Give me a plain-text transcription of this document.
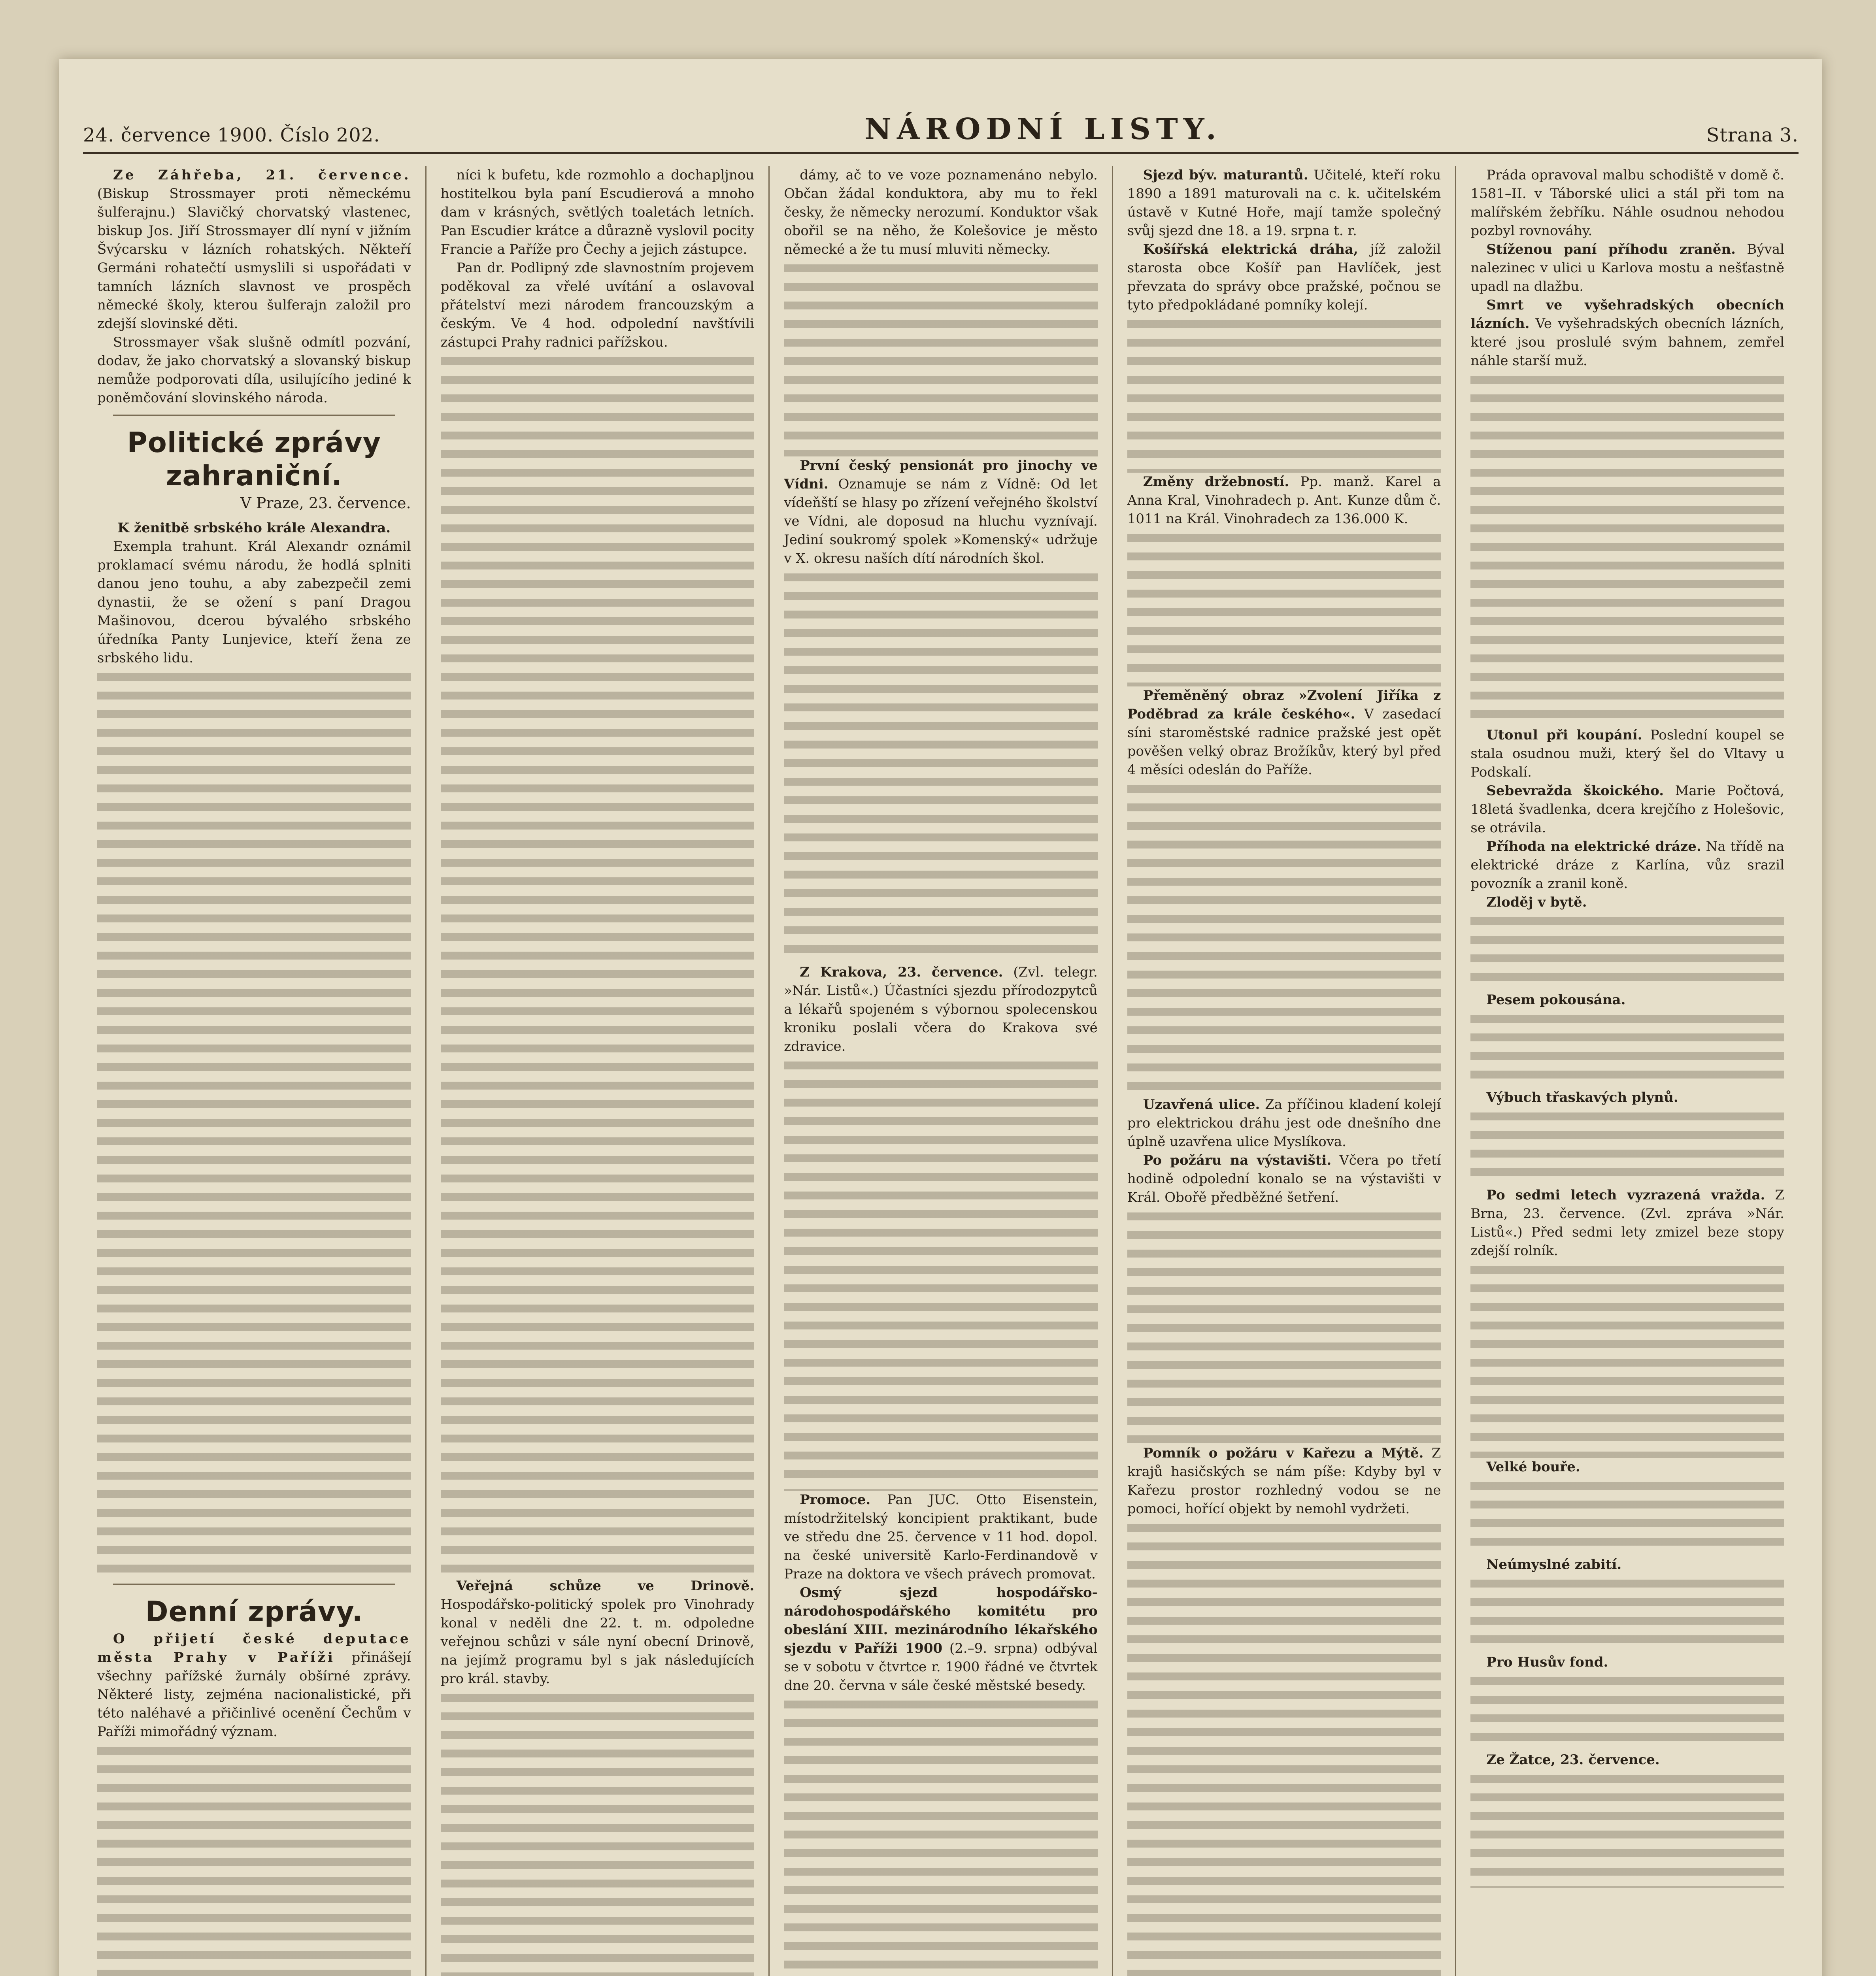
24. července 1900. Číslo 202.	NÁRODNÍ LISTY.	Strana 3.

Ze Záhřeba, 21. července. (Biskup Strossmayer proti německému šulferajnu.) Slavičký chorvatský vlastenec, biskup Jos. Jiří Strossmayer dlí nyní v jižním Švýcarsku v lázních rohatských. Někteří Germáni rohatečtí usmyslili si uspořádati v tamních lázních slavnost ve prospěch německé školy, kterou šulferajn založil pro zdejší slovinské děti.

Strossmayer však slušně odmítl pozvání, dodav, že jako chorvatský a slovanský biskup nemůže podporovati díla, usilujícího jediné k poněmčování slovinského národa.

Politické zprávy zahraniční.
V Praze, 23. července.

K ženitbě srbského krále Alexandra.

Exempla trahunt. Král Alexandr oznámil proklamací svému národu, že hodlá splniti danou jeno touhu, a aby zabezpečil zemi dynastii, že se ožení s paní Dragou Mašinovou, dcerou bývalého srbského úředníka Panty Lunjevice, kteří žena ze srbského lidu.

Denní zprávy.

O přijetí české deputace města Prahy v Paříži přinášejí všechny pařížské žurnály obšírné zprávy. Některé listy, zejména nacionalistické, při této naléhavé a přičinlivé ocenění Čechům v Paříži mimořádný význam.

níci k bufetu, kde rozmohlo a dochapljnou hostitelkou byla paní Escudierová a mnoho dam v krásných, světlých toaletách letních. Pan Escudier krátce a důrazně vyslovil pocity Francie a Paříže pro Čechy a jejich zástupce.

Pan dr. Podlipný zde slavnostním projevem poděkoval za vřelé uvítání a oslavoval přátelství mezi národem francouzským a českým. Ve 4 hod. odpolední navštívili zástupci Prahy radnici pařížskou.

Veřejná schůze ve Drinově. Hospodářsko-politický spolek pro Vinohrady konal v neděli dne 22. t. m. odpoledne veřejnou schůzi v sále nyní obecní Drinově, na jejímž programu byl s jak následujících pro král. stavby.

dámy, ač to ve voze poznamenáno nebylo. Občan žádal konduktora, aby mu to řekl česky, že německy nerozumí. Konduktor však obořil se na něho, že Kolešovice je město německé a že tu musí mluviti německy.

První český pensionát pro jinochy ve Vídni. Oznamuje se nám z Vídně: Od let vídeňští se hlasy po zřízení veřejného školství ve Vídni, ale doposud na hluchu vyznívají. Jediní soukromý spolek »Komenský« udržuje v X. okresu naších dítí národních škol.

Z Krakova, 23. července. (Zvl. telegr. »Nár. Listů«.) Účastníci sjezdu přírodozpytců a lékařů spojeném s výbornou spolecenskou kroniku poslali včera do Krakova své zdravice.

Promoce. Pan JUC. Otto Eisenstein, místodržitelský koncipient praktikant, bude ve středu dne 25. července v 11 hod. dopol. na české universitě Karlo-Ferdinandově v Praze na doktora ve všech právech promovat.

Osmý sjezd hospodářsko-národohospodářského komitétu pro obeslání XIII. mezinárodního lékařského sjezdu v Paříži 1900 (2.–9. srpna) odbýval se v sobotu v čtvrtce r. 1900 řádné ve čtvrtek dne 20. června v sále české městské besedy.

Sjezd býv. maturantů. Učitelé, kteří roku 1890 a 1891 maturovali na c. k. učitelském ústavě v Kutné Hoře, mají tamže společný svůj sjezd dne 18. a 19. srpna t. r.

Košířská elektrická dráha, jíž založil starosta obce Košíř pan Havlíček, jest převzata do správy obce pražské, počnou se tyto předpokládané pomníky kolejí.

Změny držebností. Pp. manž. Karel a Anna Kral, Vinohradech p. Ant. Kunze dům č. 1011 na Král. Vinohradech za 136.000 K.

Přeměněný obraz »Zvolení Jiříka z Poděbrad za krále českého«. V zasedací síni staroměstské radnice pražské jest opět pověšen velký obraz Brožíkův, který byl před 4 měsíci odeslán do Paříže.

Uzavřená ulice. Za příčinou kladení kolejí pro elektrickou dráhu jest ode dnešního dne úplně uzavřena ulice Myslíkova.

Po požáru na výstavišti. Včera po třetí hodině odpolední konalo se na výstavišti v Král. Obořě předběžné šetření.

Pomník o požáru v Kařezu a Mýtě. Z krajů hasičských se nám píše: Kdyby byl v Kařezu prostor rozhledný vodou se ne pomoci, hořící objekt by nemohl vydržeti.

Práda opravoval malbu schodiště v domě č. 1581–II. v Táborské ulici a stál při tom na malířském žebříku. Náhle osudnou nehodou pozbyl rovnováhy.

Stíženou paní příhodu zraněn. Býval nalezinec v ulici u Karlova mostu a nešťastně upadl na dlažbu.

Smrt ve vyšehradských obecních lázních. Ve vyšehradských obecních lázních, které jsou proslulé svým bahnem, zemřel náhle starší muž.

Utonul při koupání. Poslední koupel se stala osudnou muži, který šel do Vltavy u Podskalí.

Sebevražda škoického. Marie Počtová, 18letá švadlenka, dcera krejčího z Holešovic, se otrávila.

Příhoda na elektrické dráze. Na třídě na elektrické dráze z Karlína, vůz srazil povozník a zranil koně.

Zloděj v bytě.

Pesem pokousána.

Výbuch třaskavých plynů.

Po sedmi letech vyzrazená vražda. Z Brna, 23. července. (Zvl. zpráva »Nár. Listů«.) Před sedmi lety zmizel beze stopy zdejší rolník.

Velké bouře.

Neúmyslné zabití.

Pro Husův fond.

Ze Žatce, 23. července.
